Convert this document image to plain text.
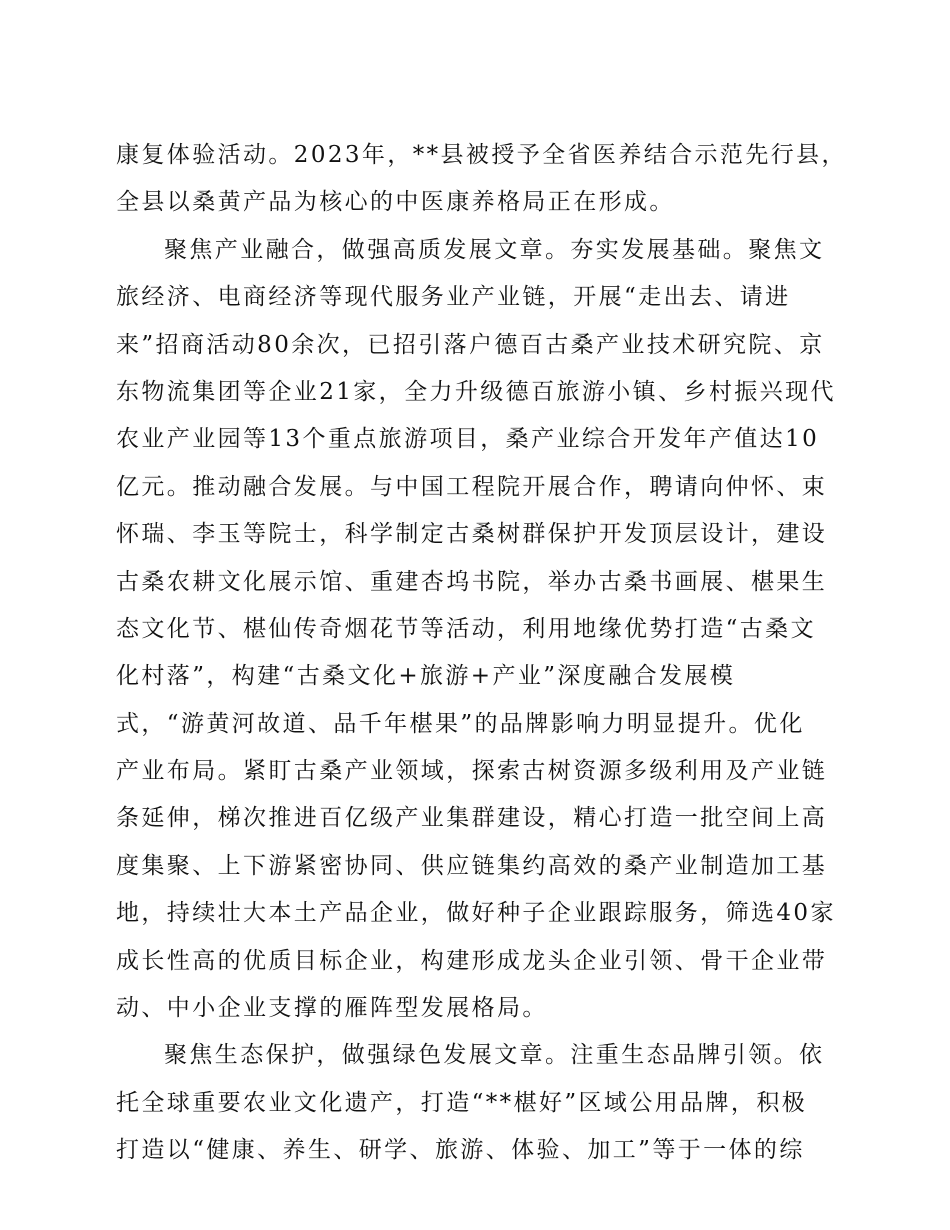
康复体验活动。2023年，**县被授予全省医养结合示范先行县，
全县以桑黄产品为核心的中医康养格局正在形成。
聚焦产业融合，做强高质发展文章。夯实发展基础。聚焦文
旅经济、电商经济等现代服务业产业链，开展“走出去、请进
来”招商活动80余次，已招引落户德百古桑产业技术研究院、京
东物流集团等企业21家，全力升级德百旅游小镇、乡村振兴现代
农业产业园等13个重点旅游项目，桑产业综合开发年产值达10
亿元。推动融合发展。与中国工程院开展合作，聘请向仲怀、束
怀瑞、李玉等院士，科学制定古桑树群保护开发顶层设计，建设
古桑农耕文化展示馆、重建杏坞书院，举办古桑书画展、椹果生
态文化节、椹仙传奇烟花节等活动，利用地缘优势打造“古桑文
化村落”，构建“古桑文化+旅游+产业”深度融合发展模
式，“游黄河故道、品千年椹果”的品牌影响力明显提升。优化
产业布局。紧盯古桑产业领域，探索古树资源多级利用及产业链
条延伸，梯次推进百亿级产业集群建设，精心打造一批空间上高
度集聚、上下游紧密协同、供应链集约高效的桑产业制造加工基
地，持续壮大本土产品企业，做好种子企业跟踪服务，筛选40家
成长性高的优质目标企业，构建形成龙头企业引领、骨干企业带
动、中小企业支撑的雁阵型发展格局。
聚焦生态保护，做强绿色发展文章。注重生态品牌引领。依
托全球重要农业文化遗产，打造“**椹好”区域公用品牌，积极
打造以“健康、养生、研学、旅游、体验、加工”等于一体的综
